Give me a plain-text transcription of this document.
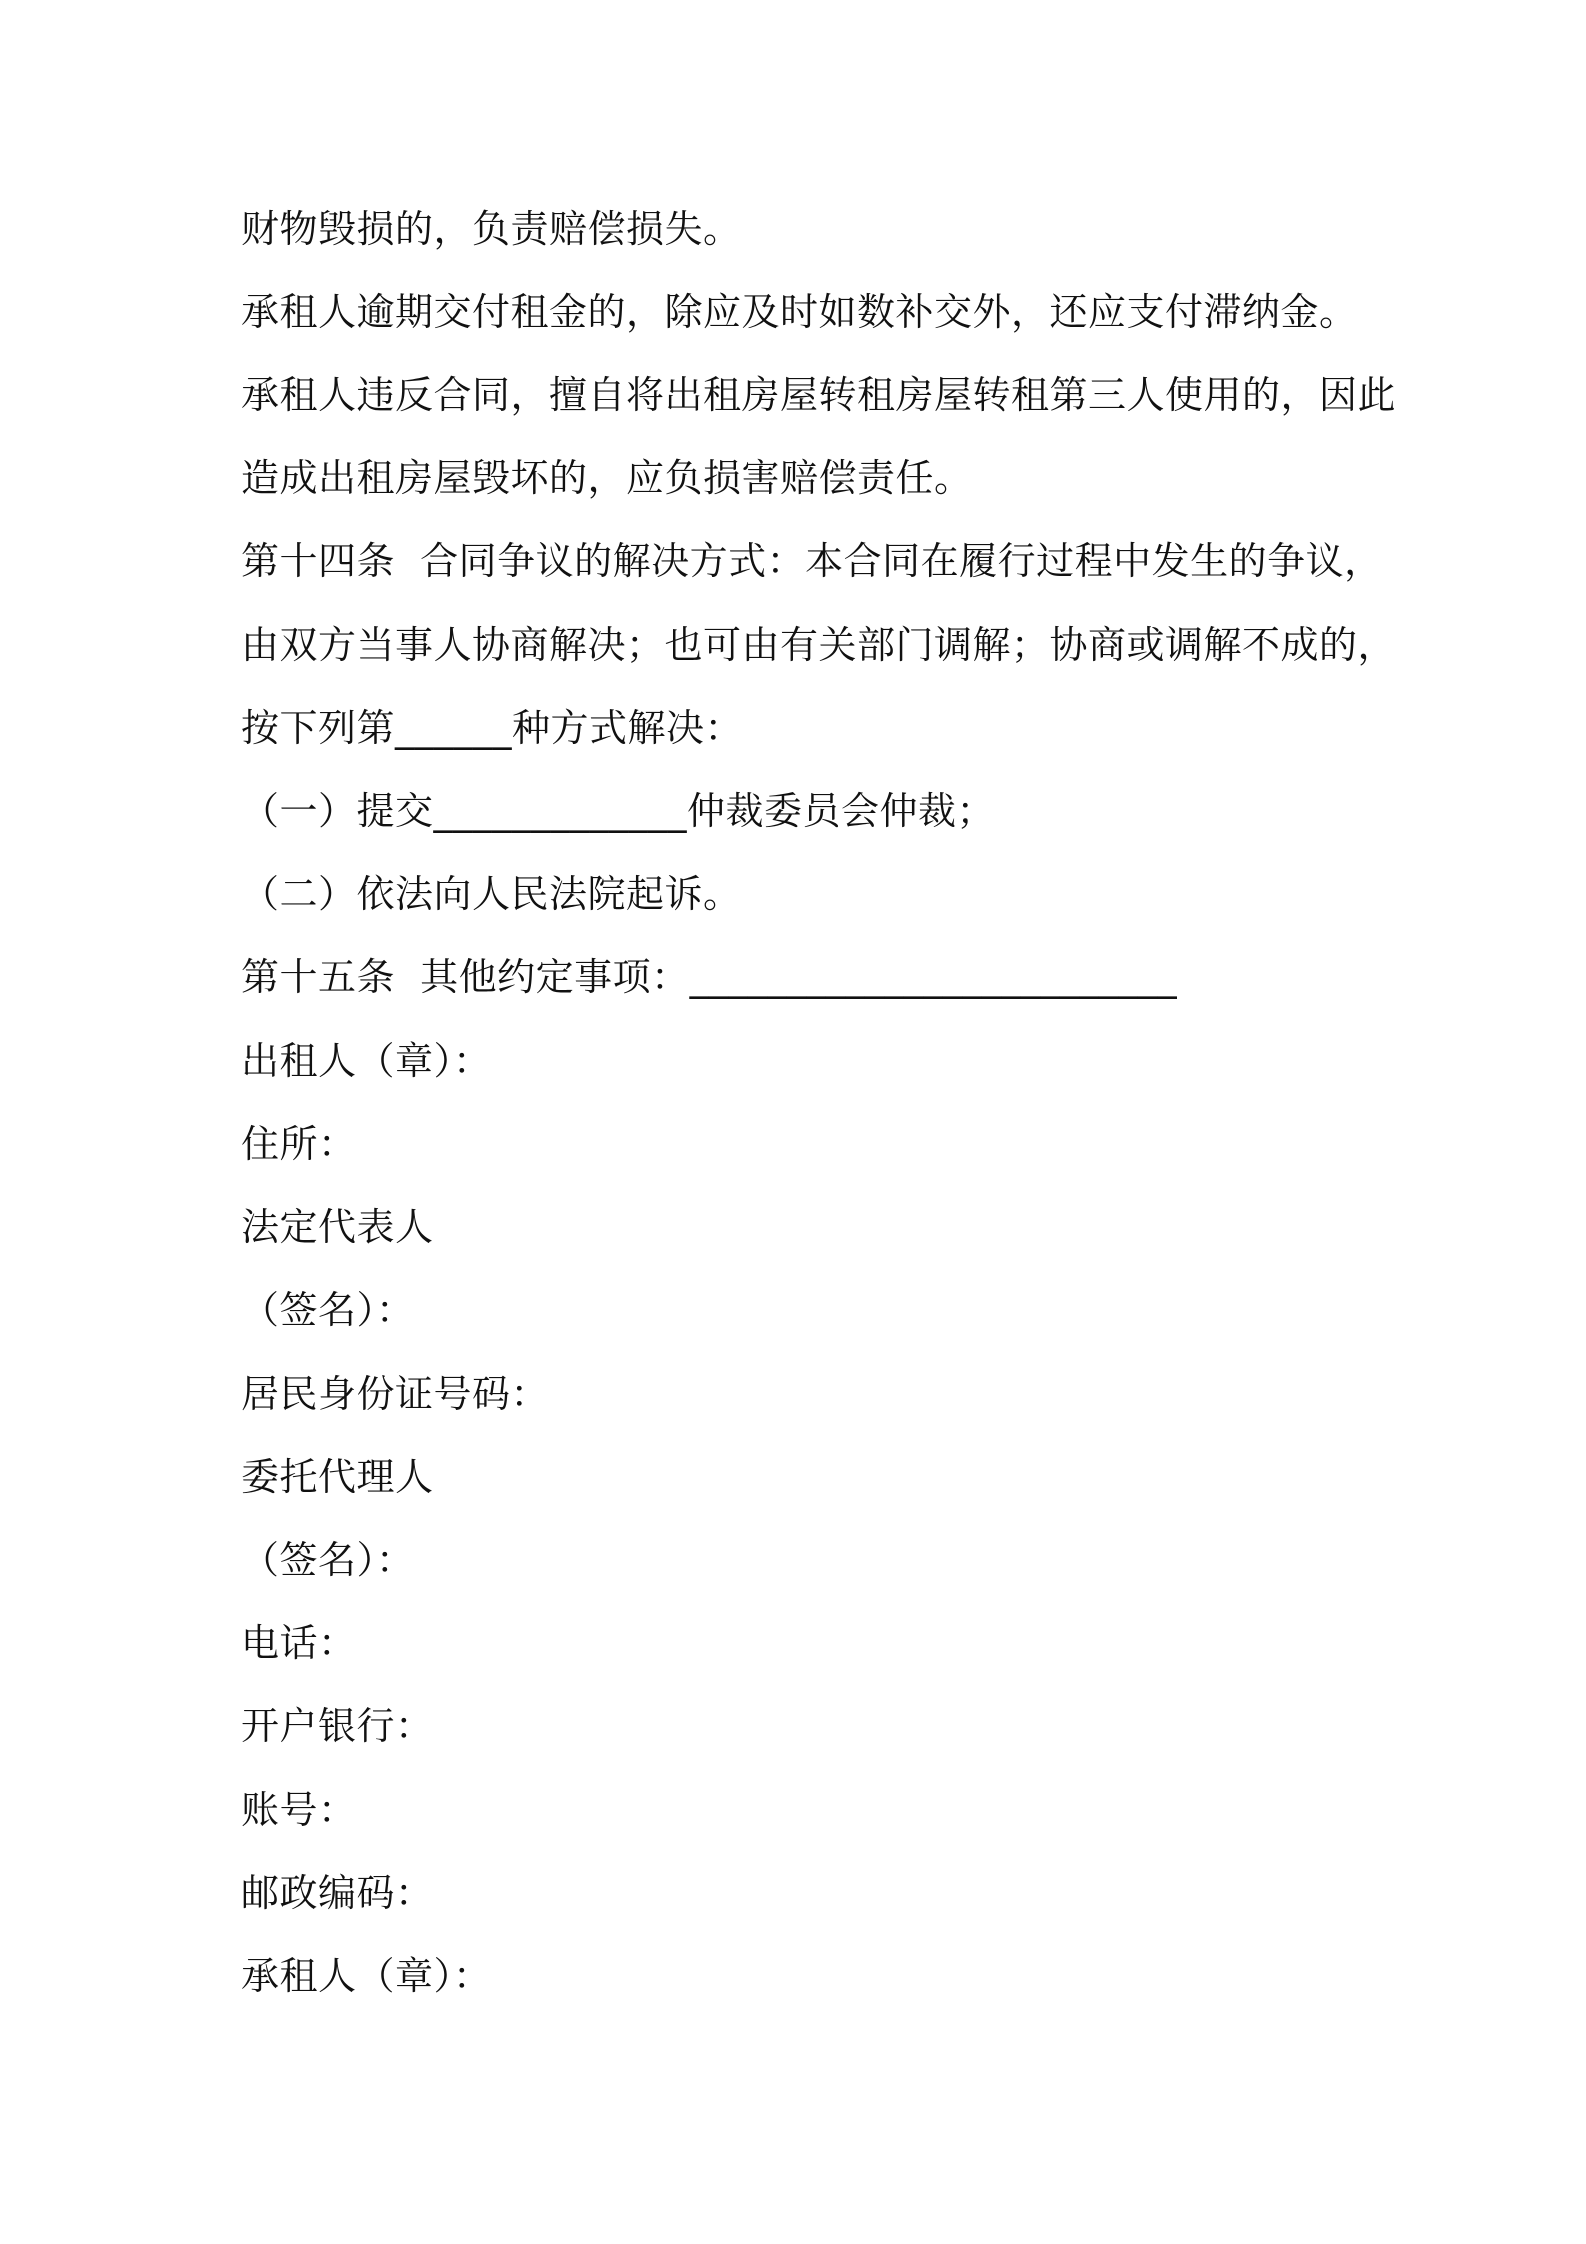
财物毁损的，负责赔偿损失。
承租人逾期交付租金的，除应及时如数补交外，还应支付滞纳金。
承租人违反合同，擅自将出租房屋转租房屋转租第三人使用的，因此
造成出租房屋毁坏的，应负损害赔偿责任。
第十四条  合同争议的解决方式：本合同在履行过程中发生的争议，
由双方当事人协商解决；也可由有关部门调解；协商或调解不成的，
按下列第______种方式解决：
（一）提交_____________仲裁委员会仲裁；
（二）依法向人民法院起诉。
第十五条  其他约定事项：_________________________
出租人（章）：
住所：
法定代表人
（签名）：
居民身份证号码：
委托代理人
（签名）：
电话：
开户银行：
账号：
邮政编码：
承租人（章）：
